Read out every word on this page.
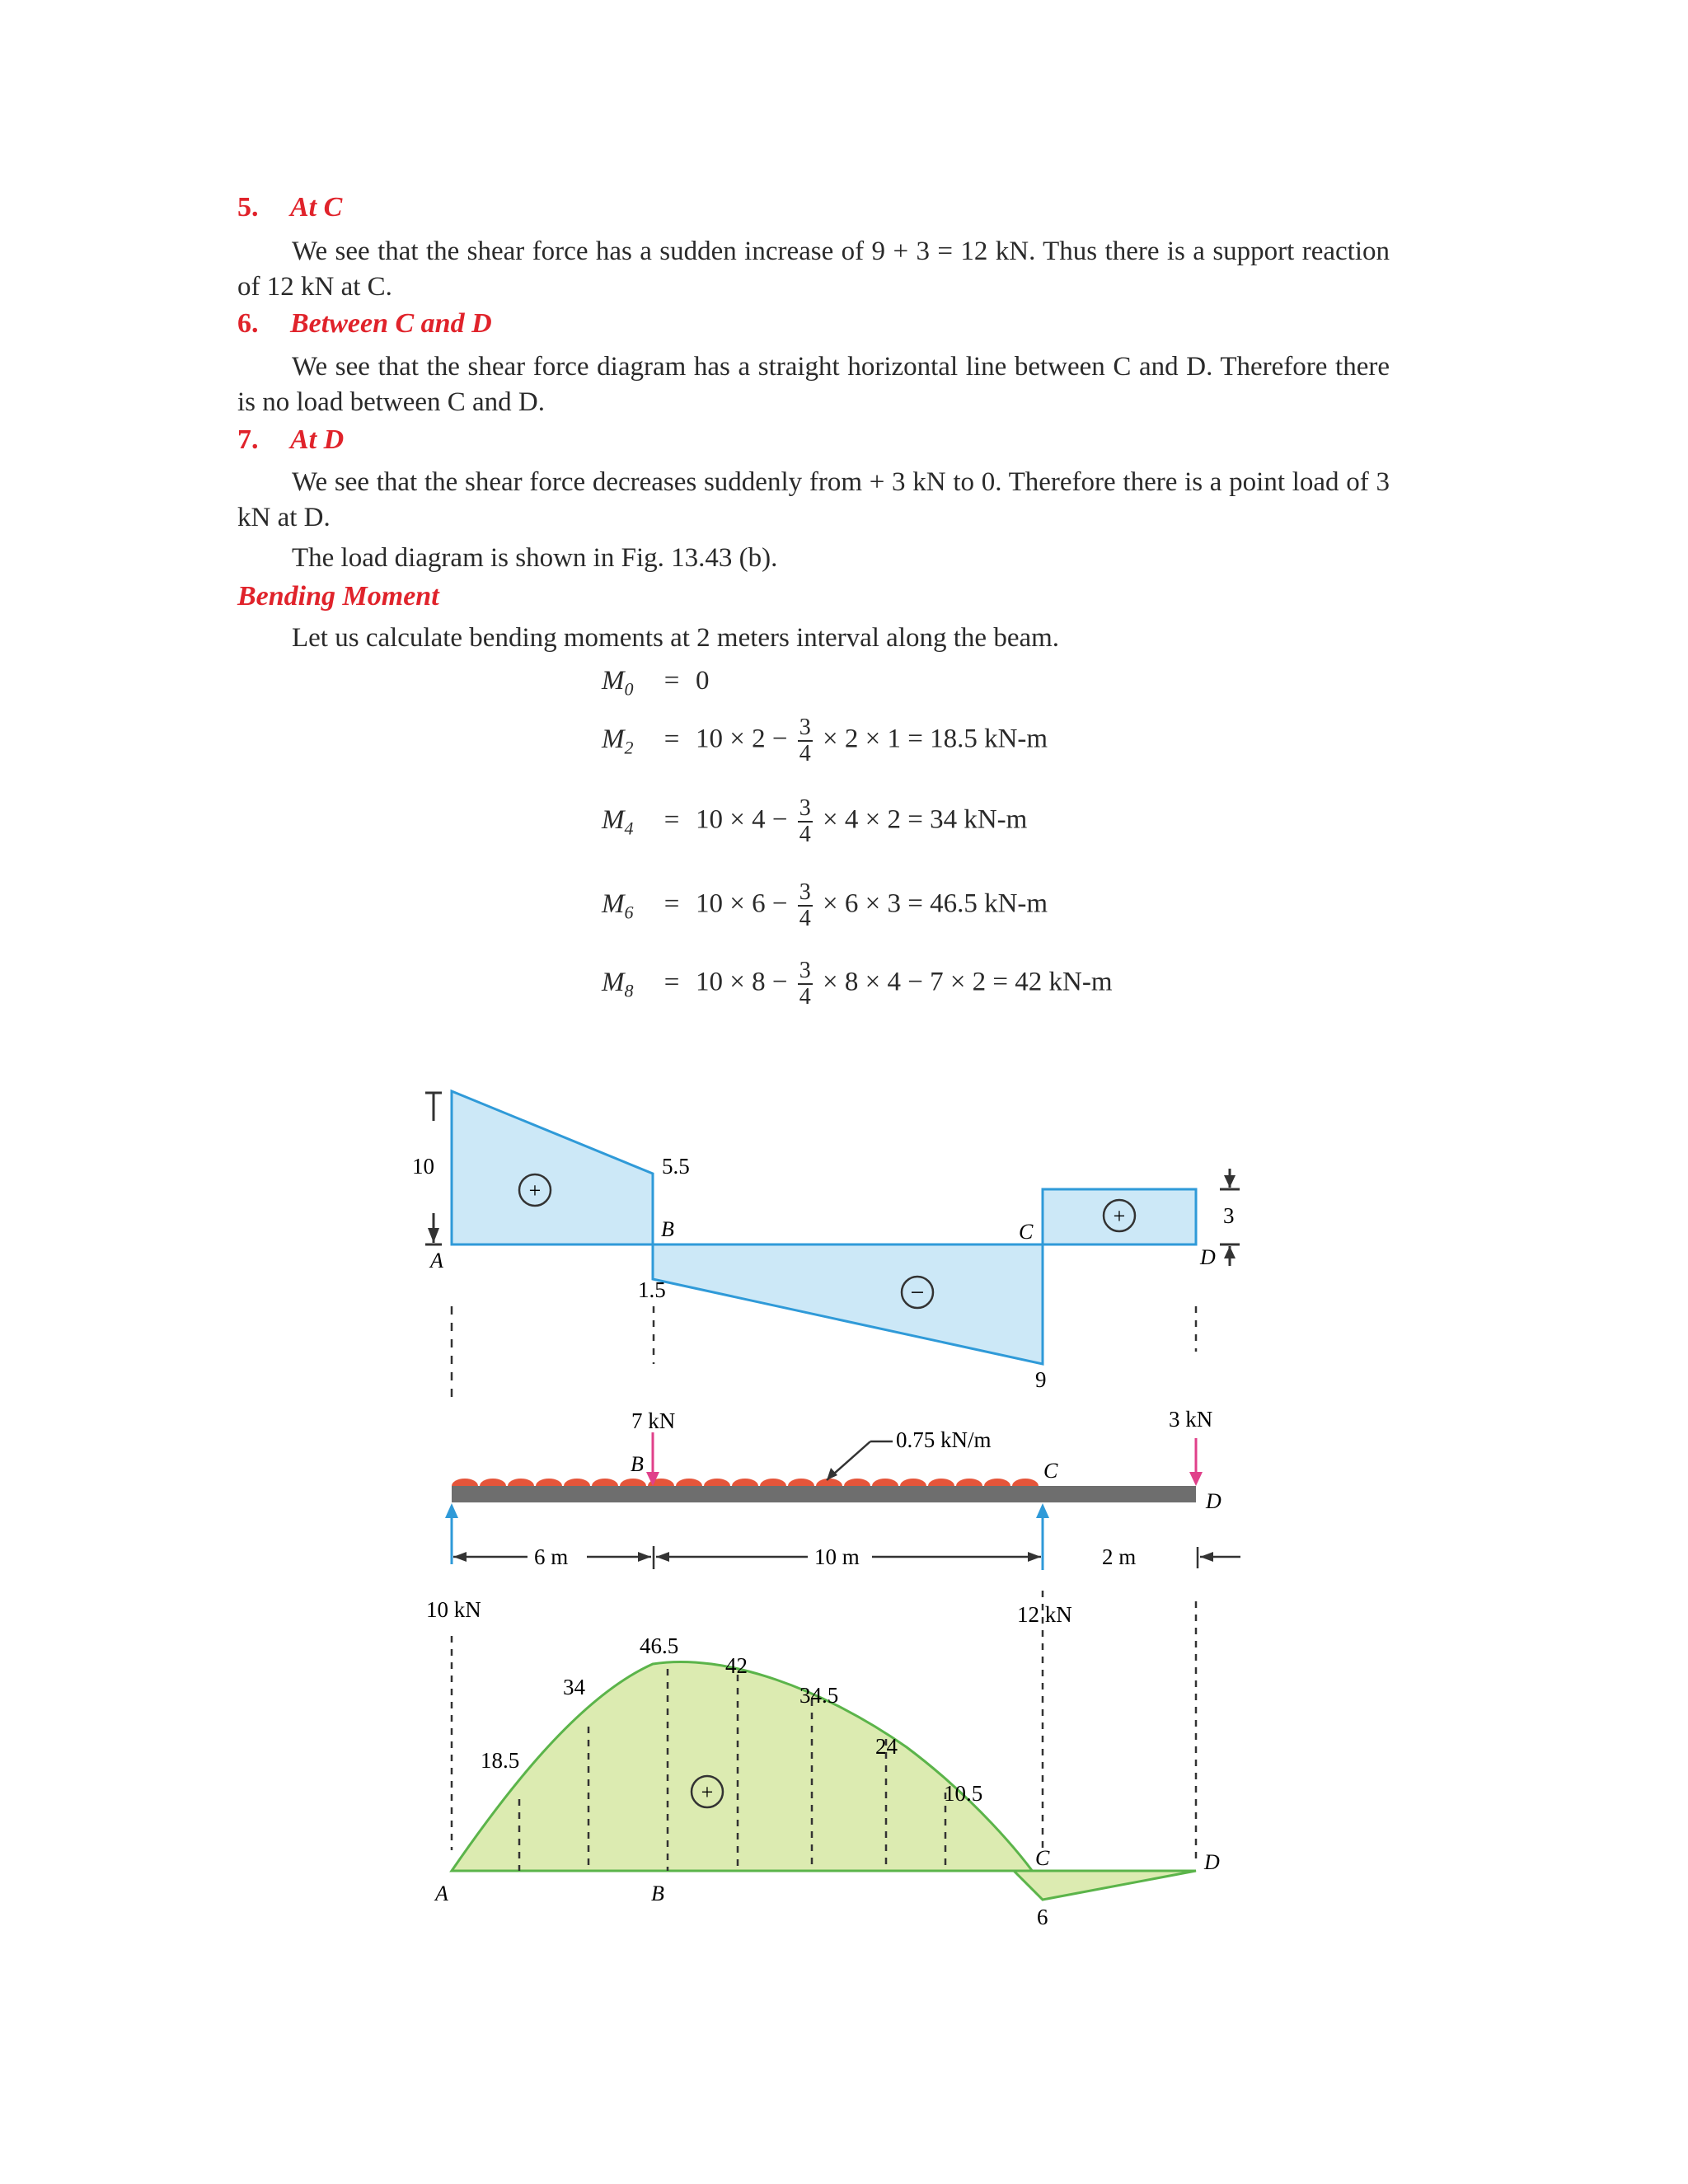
5. At C
We see that the shear force has a sudden increase of 9 + 3 = 12 kN. Thus there is a support reaction of 12 kN at C.
6. Between C and D
We see that the shear force diagram has a straight horizontal line between C and D. Therefore there is no load between C and D.
7. At D
We see that the shear force decreases suddenly from + 3 kN to 0. Therefore there is a point load of 3 kN at D.
The load diagram is shown in Fig. 13.43 (b).
Bending Moment
Let us calculate bending moments at 2 meters interval along the beam.
$M_0 = 0$
$M_2 = 10 \times 2 - \frac{3}{4} \times 2 \times 1 = 18.5$ kN-m
$M_4 = 10 \times 4 - \frac{3}{4} \times 4 \times 2 = 34$ kN-m
$M_6 = 10 \times 6 - \frac{3}{4} \times 6 \times 3 = 46.5$ kN-m
$M_8 = 10 \times 8 - \frac{3}{4} \times 8 \times 4 - 7 \times 2 = 42$ kN-m
10	5.5
1.5
9
3
A
B	C
D
+
−
+
7 kN
B
0.75 kN/m
C
3 kN
D
10 kN	12 kN
6 m	10 m	2 m
18.5
34
46.5
42
34.5
24
10.5
6
A	B
C	D
+
